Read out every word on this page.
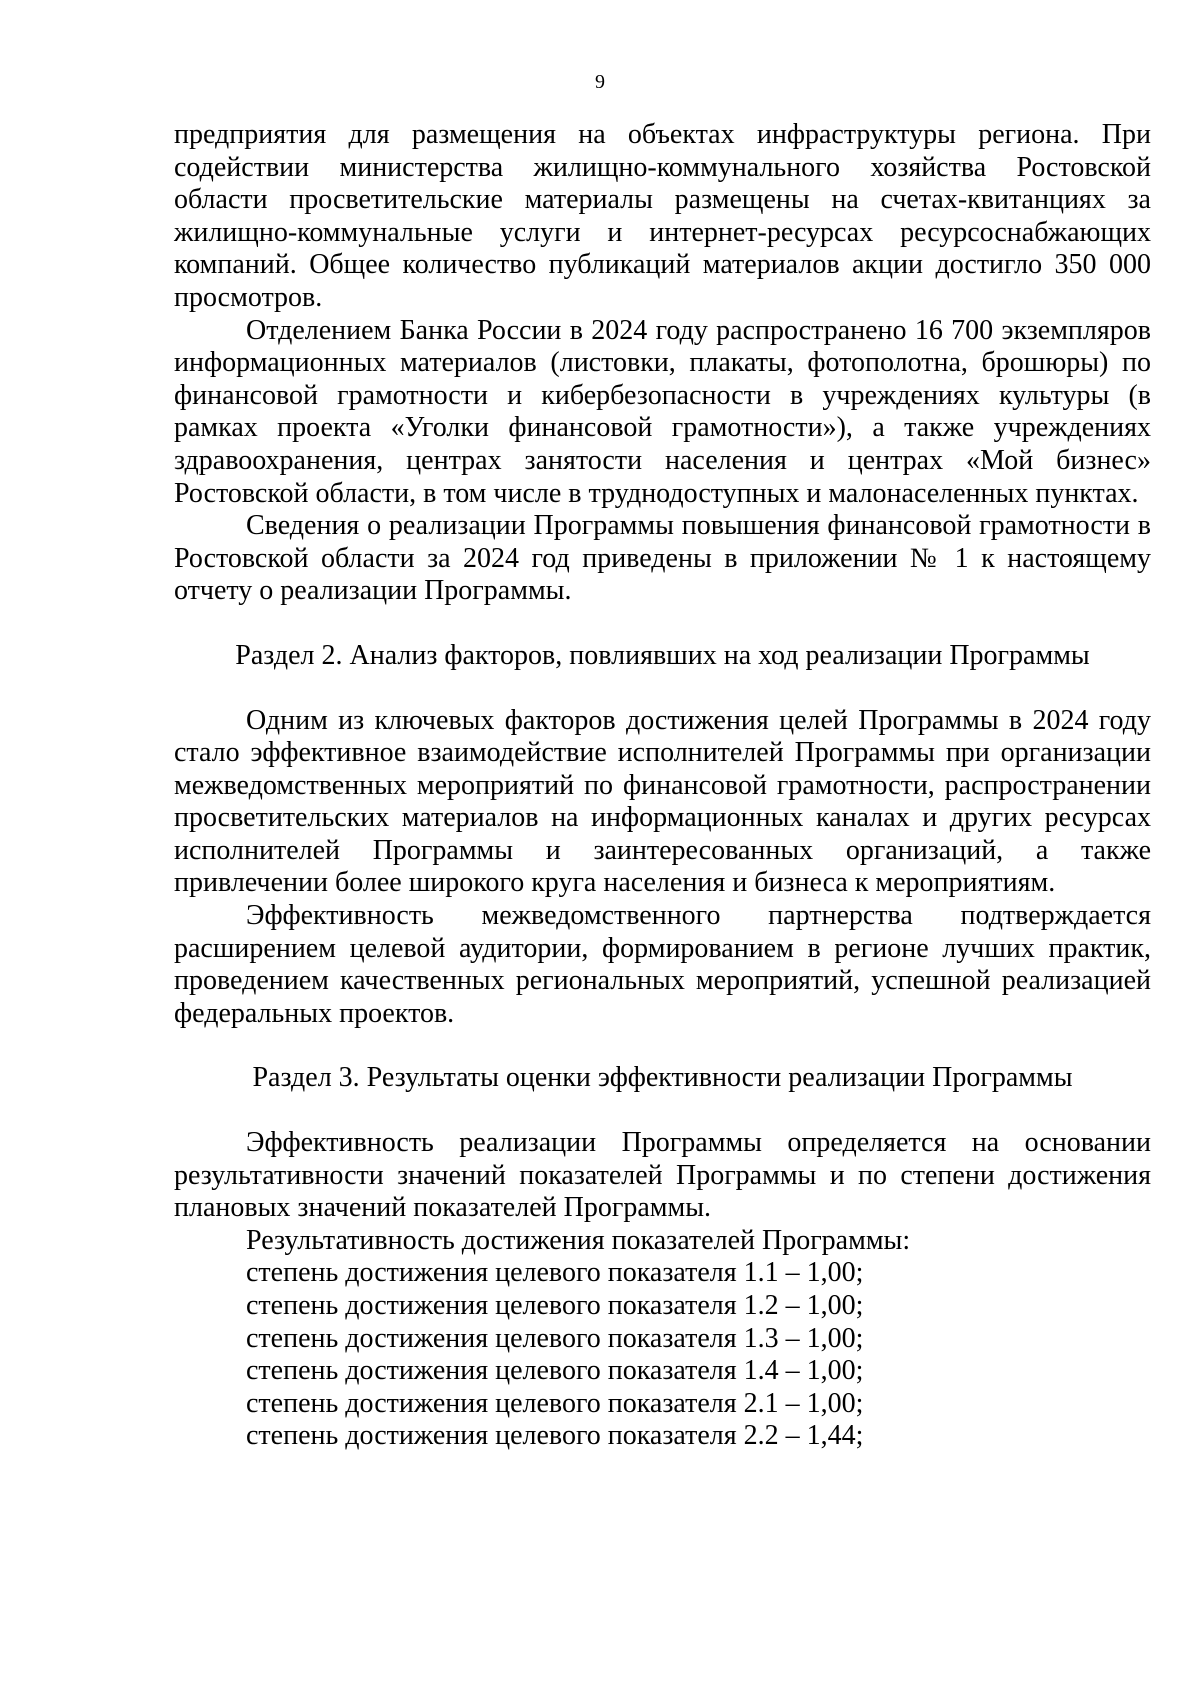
9

предприятия для размещения на объектах инфраструктуры региона. При содействии министерства жилищно-коммунального хозяйства Ростовской области просветительские материалы размещены на счетах-квитанциях за жилищно-коммунальные услуги и интернет-ресурсах ресурсоснабжающих компаний. Общее количество публикаций материалов акции достигло 350 000 просмотров.

Отделением Банка России в 2024 году распространено 16 700 экземпляров информационных материалов (листовки, плакаты, фотополотна, брошюры) по финансовой грамотности и кибербезопасности в учреждениях культуры (в рамках проекта «Уголки финансовой грамотности»), а также учреждениях здравоохранения, центрах занятости населения и центрах «Мой бизнес» Ростовской области, в том числе в труднодоступных и малонаселенных пунктах.

Сведения о реализации Программы повышения финансовой грамотности в Ростовской области за 2024 год приведены в приложении № 1 к настоящему отчету о реализации Программы.

Раздел 2. Анализ факторов, повлиявших на ход реализации Программы

Одним из ключевых факторов достижения целей Программы в 2024 году стало эффективное взаимодействие исполнителей Программы при организации межведомственных мероприятий по финансовой грамотности, распространении просветительских материалов на информационных каналах и других ресурсах исполнителей Программы и заинтересованных организаций, а также привлечении более широкого круга населения и бизнеса к мероприятиям.

Эффективность межведомственного партнерства подтверждается расширением целевой аудитории, формированием в регионе лучших практик, проведением качественных региональных мероприятий, успешной реализацией федеральных проектов.

Раздел 3. Результаты оценки эффективности реализации Программы

Эффективность реализации Программы определяется на основании результативности значений показателей Программы и по степени достижения плановых значений показателей Программы.

Результативность достижения показателей Программы:

степень достижения целевого показателя 1.1 – 1,00;
степень достижения целевого показателя 1.2 – 1,00;
степень достижения целевого показателя 1.3 – 1,00;
степень достижения целевого показателя 1.4 – 1,00;
степень достижения целевого показателя 2.1 – 1,00;
степень достижения целевого показателя 2.2 – 1,44;
